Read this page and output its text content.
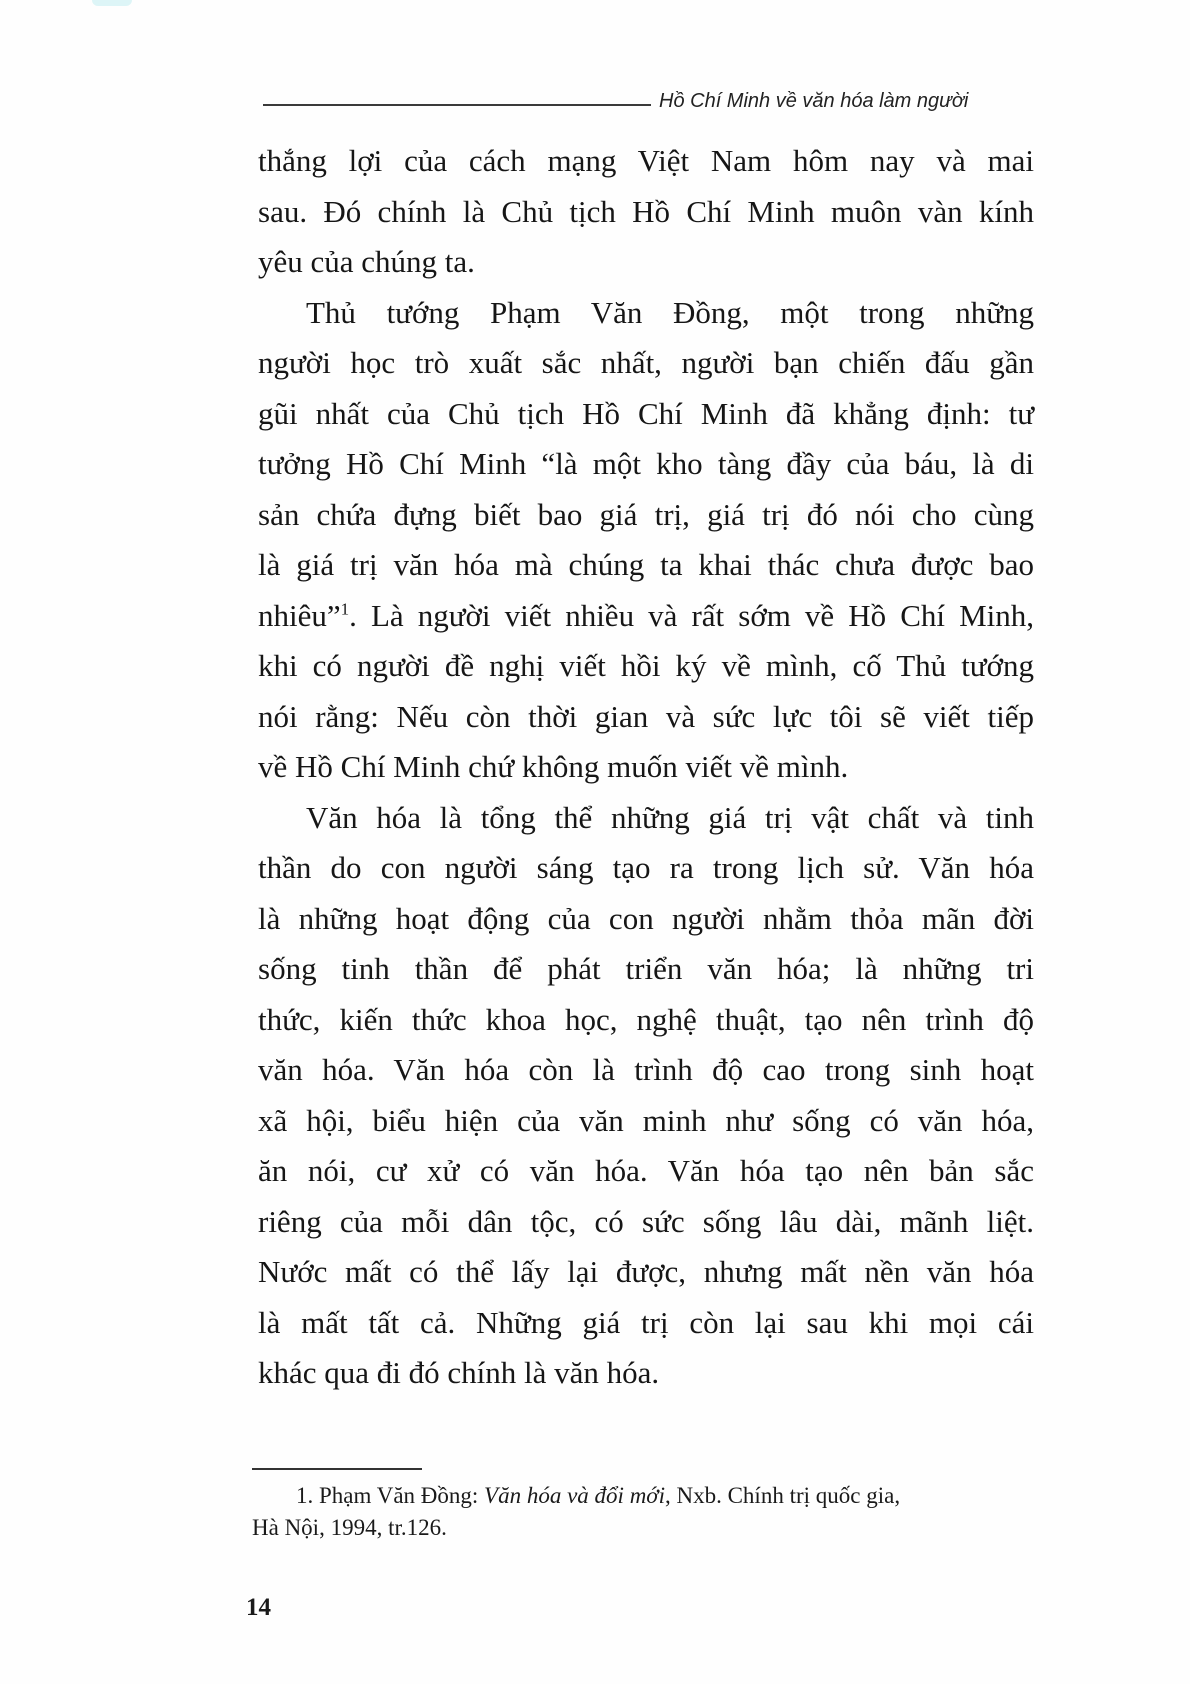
Hồ Chí Minh về văn hóa làm người
thắng lợi của cách mạng Việt Nam hôm nay và mai
sau. Đó chính là Chủ tịch Hồ Chí Minh muôn vàn kính
yêu của chúng ta.
Thủ tướng Phạm Văn Đồng, một trong những
người học trò xuất sắc nhất, người bạn chiến đấu gần
gũi nhất của Chủ tịch Hồ Chí Minh đã khẳng định: tư
tưởng Hồ Chí Minh “là một kho tàng đầy của báu, là di
sản chứa đựng biết bao giá trị, giá trị đó nói cho cùng
là giá trị văn hóa mà chúng ta khai thác chưa được bao
nhiêu”$^1$. Là người viết nhiều và rất sớm về Hồ Chí Minh,
khi có người đề nghị viết hồi ký về mình, cố Thủ tướng
nói rằng: Nếu còn thời gian và sức lực tôi sẽ viết tiếp
về Hồ Chí Minh chứ không muốn viết về mình.
Văn hóa là tổng thể những giá trị vật chất và tinh
thần do con người sáng tạo ra trong lịch sử. Văn hóa
là những hoạt động của con người nhằm thỏa mãn đời
sống tinh thần để phát triển văn hóa; là những tri
thức, kiến thức khoa học, nghệ thuật, tạo nên trình độ
văn hóa. Văn hóa còn là trình độ cao trong sinh hoạt
xã hội, biểu hiện của văn minh như sống có văn hóa,
ăn nói, cư xử có văn hóa. Văn hóa tạo nên bản sắc
riêng của mỗi dân tộc, có sức sống lâu dài, mãnh liệt.
Nước mất có thể lấy lại được, nhưng mất nền văn hóa
là mất tất cả. Những giá trị còn lại sau khi mọi cái
khác qua đi đó chính là văn hóa.
1. Phạm Văn Đồng: Văn hóa và đổi mới, Nxb. Chính trị quốc gia,
Hà Nội, 1994, tr.126.
14
